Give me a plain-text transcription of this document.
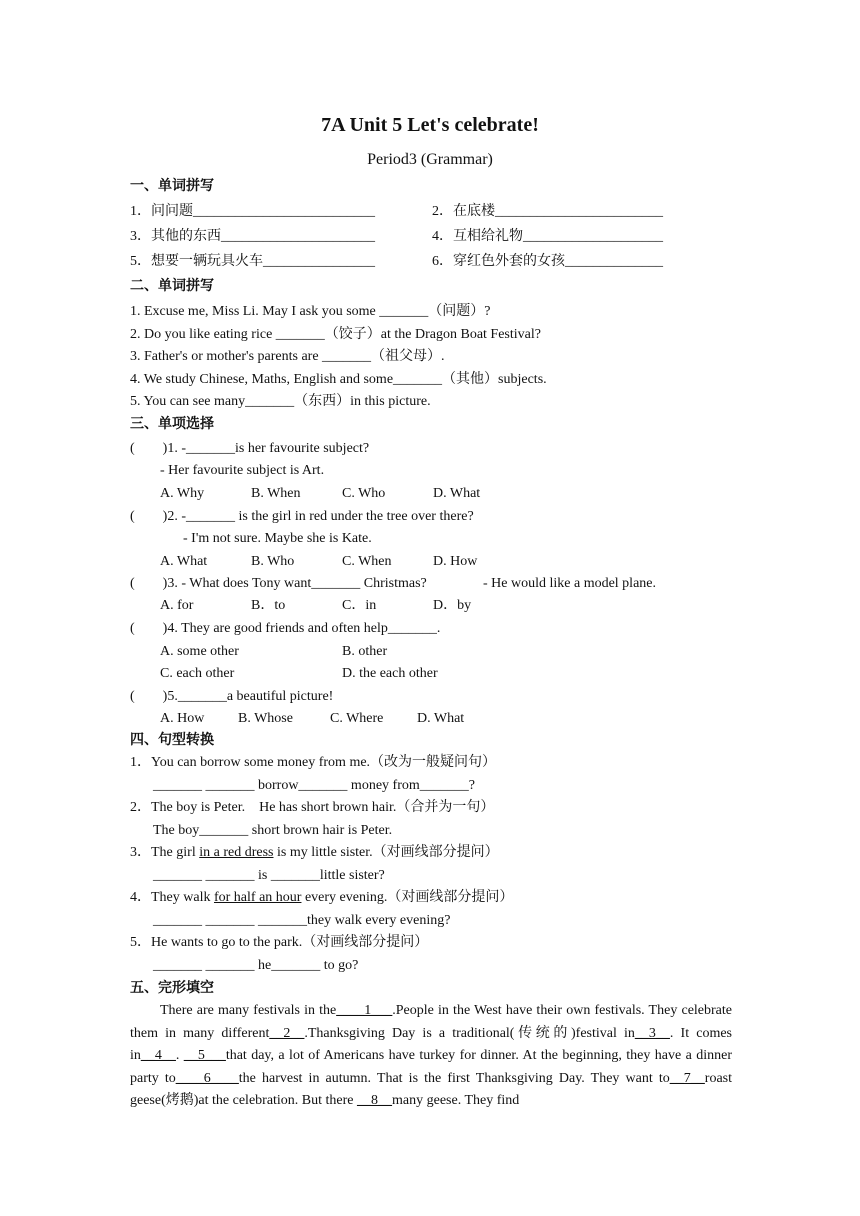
7A Unit 5 Let's celebrate!
Period3 (Grammar)
一、单词拼写
1．问问题__________________________	2．在底楼________________________
3．其他的东西______________________	4．互相给礼物____________________
5．想要一辆玩具火车________________	6．穿红色外套的女孩______________
二、单词拼写
1. Excuse me, Miss Li. May I ask you some _______（问题）?
2. Do you like eating rice _______（饺子）at the Dragon Boat Festival?
3. Father's or mother's parents are _______（祖父母）.
4. We study Chinese, Maths, English and some_______（其他）subjects.
5. You can see many_______（东西）in this picture.
三、单项选择
(        )1. -_______is her favourite subject?
- Her favourite subject is Art.
A. Why	B. When	C. Who	D. What
(        )2. -_______ is the girl in red under the tree over there?
- I'm not sure. Maybe she is Kate.
A. What	B. Who	C. When	D. How
(        )3. - What does Tony want_______ Christmas?	- He would like a model plane.
A. for	B．to	C．in	D．by
(        )4. They are good friends and often help_______.
A. some other	B. other
C. each other	D. the each other
(        )5._______a beautiful picture!
A. How B. Whose	C. Where D. What
四、句型转换
1．You can borrow some money from me.（改为一般疑问句）
_______ _______ borrow_______ money from_______?
2．The boy is Peter.    He has short brown hair.（合并为一句）
The boy_______ short brown hair is Peter.
3．The girl in a red dress is my little sister.（对画线部分提问）
_______ _______ is _______little sister?
4．They walk for half an hour every evening.（对画线部分提问）
_______ _______ _______they walk every evening?
5．He wants to go to the park.（对画线部分提问）
_______ _______ he_______ to go?
五、完形填空
There are many festivals in the____1___.People in the West have their own festivals. They celebrate them in many different__2__.Thanksgiving Day is a traditional(传统的)festival in__3__. It comes in__4__. __5___that day, a lot of Americans have turkey for dinner. At the beginning, they have a dinner party to____6____the harvest in autumn. That is the first Thanksgiving Day. They want to__7__roast geese(烤鹅)at the celebration. But there __8__many geese. They find
